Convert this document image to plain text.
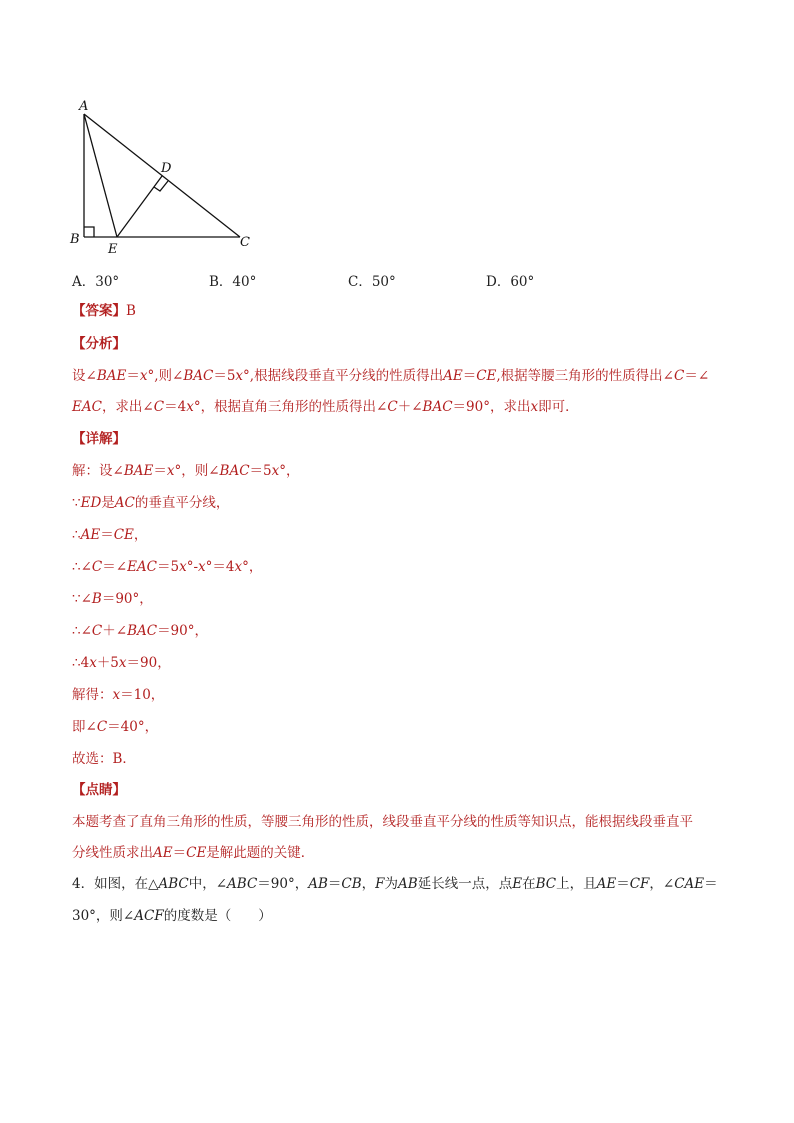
A
B	C
D
E
A．30°	B．40°	C．50°	D．60°
【答案】B
【分析】
设∠BAE＝x°,则∠BAC＝5x°,根据线段垂直平分线的性质得出AE＝CE,根据等腰三角形的性质得出∠C＝∠
EAC，求出∠C＝4x°，根据直角三角形的性质得出∠C＋∠BAC＝90°，求出x即可．
【详解】
解：设∠BAE＝x°，则∠BAC＝5x°，
∵ED是AC的垂直平分线，
∴AE＝CE，
∴∠C＝∠EAC＝5x°-x°＝4x°，
∵∠B＝90°，
∴∠C＋∠BAC＝90°，
∴4x＋5x＝90，
解得：x＝10，
即∠C＝40°，
故选：B．
【点睛】
本题考查了直角三角形的性质，等腰三角形的性质，线段垂直平分线的性质等知识点，能根据线段垂直平
分线性质求出AE＝CE是解此题的关键．
4．如图，在△ABC中，∠ABC＝90°，AB＝CB，F为AB延长线一点，点E在BC上，且AE＝CF，∠CAE＝
30°，则∠ACF的度数是（　　）
